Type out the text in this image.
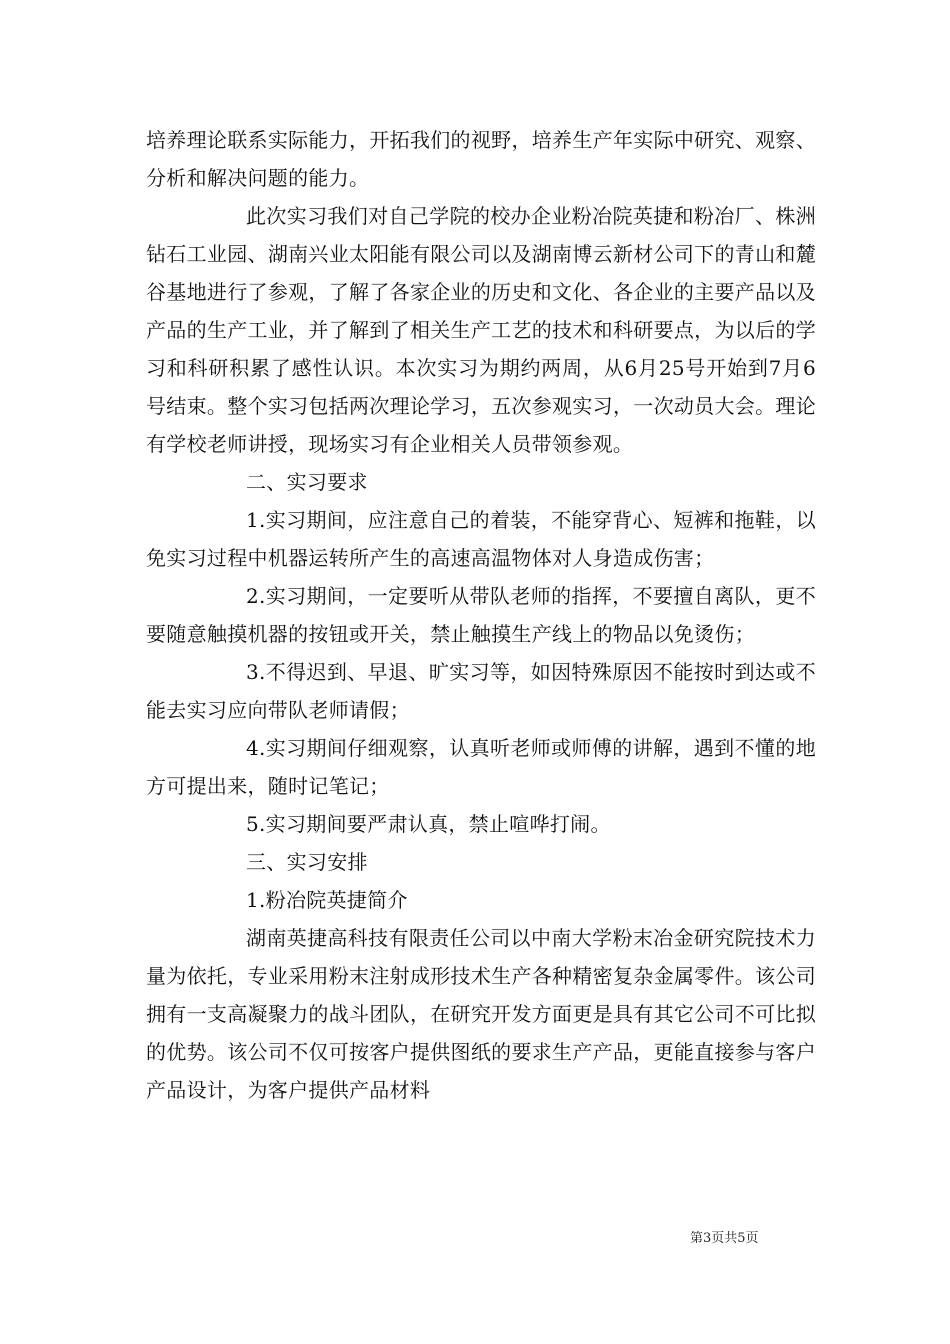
培养理论联系实际能力，开拓我们的视野，培养生产年实际中研究、观察、分析和解决问题的能力。

此次实习我们对自己学院的校办企业粉冶院英捷和粉冶厂、株洲钻石工业园、湖南兴业太阳能有限公司以及湖南博云新材公司下的青山和麓谷基地进行了参观，了解了各家企业的历史和文化、各企业的主要产品以及产品的生产工业，并了解到了相关生产工艺的技术和科研要点，为以后的学习和科研积累了感性认识。本次实习为期约两周，从6月25号开始到7月6号结束。整个实习包括两次理论学习，五次参观实习，一次动员大会。理论有学校老师讲授，现场实习有企业相关人员带领参观。

二、实习要求

1.实习期间，应注意自己的着装，不能穿背心、短裤和拖鞋，以免实习过程中机器运转所产生的高速高温物体对人身造成伤害；

2.实习期间，一定要听从带队老师的指挥，不要擅自离队，更不要随意触摸机器的按钮或开关，禁止触摸生产线上的物品以免烫伤；

3.不得迟到、早退、旷实习等，如因特殊原因不能按时到达或不能去实习应向带队老师请假；

4.实习期间仔细观察，认真听老师或师傅的讲解，遇到不懂的地方可提出来，随时记笔记；

5.实习期间要严肃认真，禁止喧哗打闹。

三、实习安排

1.粉冶院英捷简介

湖南英捷高科技有限责任公司以中南大学粉末冶金研究院技术力量为依托，专业采用粉末注射成形技术生产各种精密复杂金属零件。该公司拥有一支高凝聚力的战斗团队，在研究开发方面更是具有其它公司不可比拟的优势。该公司不仅可按客户提供图纸的要求生产产品，更能直接参与客户产品设计，为客户提供产品材料

第3页共5页
